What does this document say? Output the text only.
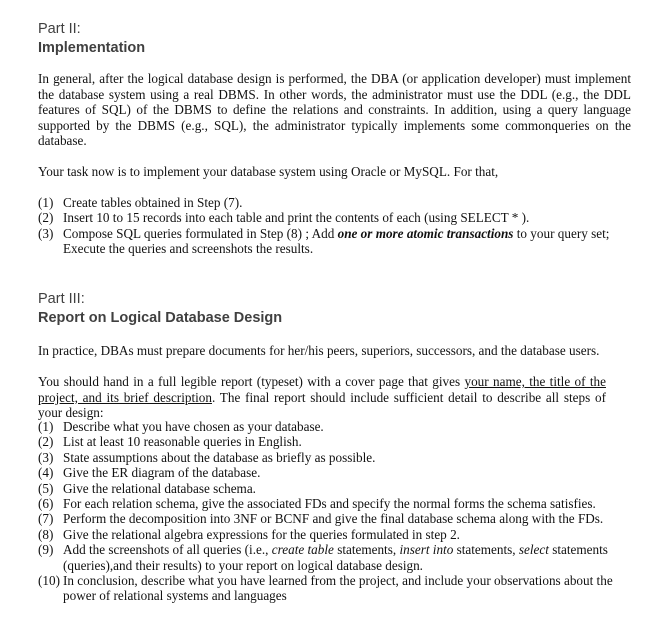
Part II:
Implementation

In general, after the logical database design is performed, the DBA (or application developer) must implement the database system using a real DBMS. In other words, the administrator must use the DDL (e.g., the DDL features of SQL) of the DBMS to define the relations and constraints. In addition, using a query language supported by the DBMS (e.g., SQL), the administrator typically implements some commonqueries on the database.

Your task now is to implement your database system using Oracle or MySQL. For that,

(1) Create tables obtained in Step (7).
(2) Insert 10 to 15 records into each table and print the contents of each (using SELECT * ).
(3) Compose SQL queries formulated in Step (8) ; Add one or more atomic transactions to your query set; Execute the queries and screenshots the results.
Part III:
Report on Logical Database Design

In practice, DBAs must prepare documents for her/his peers, superiors, successors, and the database users.

You should hand in a full legible report (typeset) with a cover page that gives your name, the title of the project, and its brief description. The final report should include sufficient detail to describe all steps of your design:

(1) Describe what you have chosen as your database.
(2) List at least 10 reasonable queries in English.
(3) State assumptions about the database as briefly as possible.
(4) Give the ER diagram of the database.
(5) Give the relational database schema.
(6) For each relation schema, give the associated FDs and specify the normal forms the schema satisfies.
(7) Perform the decomposition into 3NF or BCNF and give the final database schema along with the FDs.
(8) Give the relational algebra expressions for the queries formulated in step 2.
(9) Add the screenshots of all queries (i.e., create table statements, insert into statements, select statements (queries),and their results) to your report on logical database design.
(10) In conclusion, describe what you have learned from the project, and include your observations about the power of relational systems and languages
